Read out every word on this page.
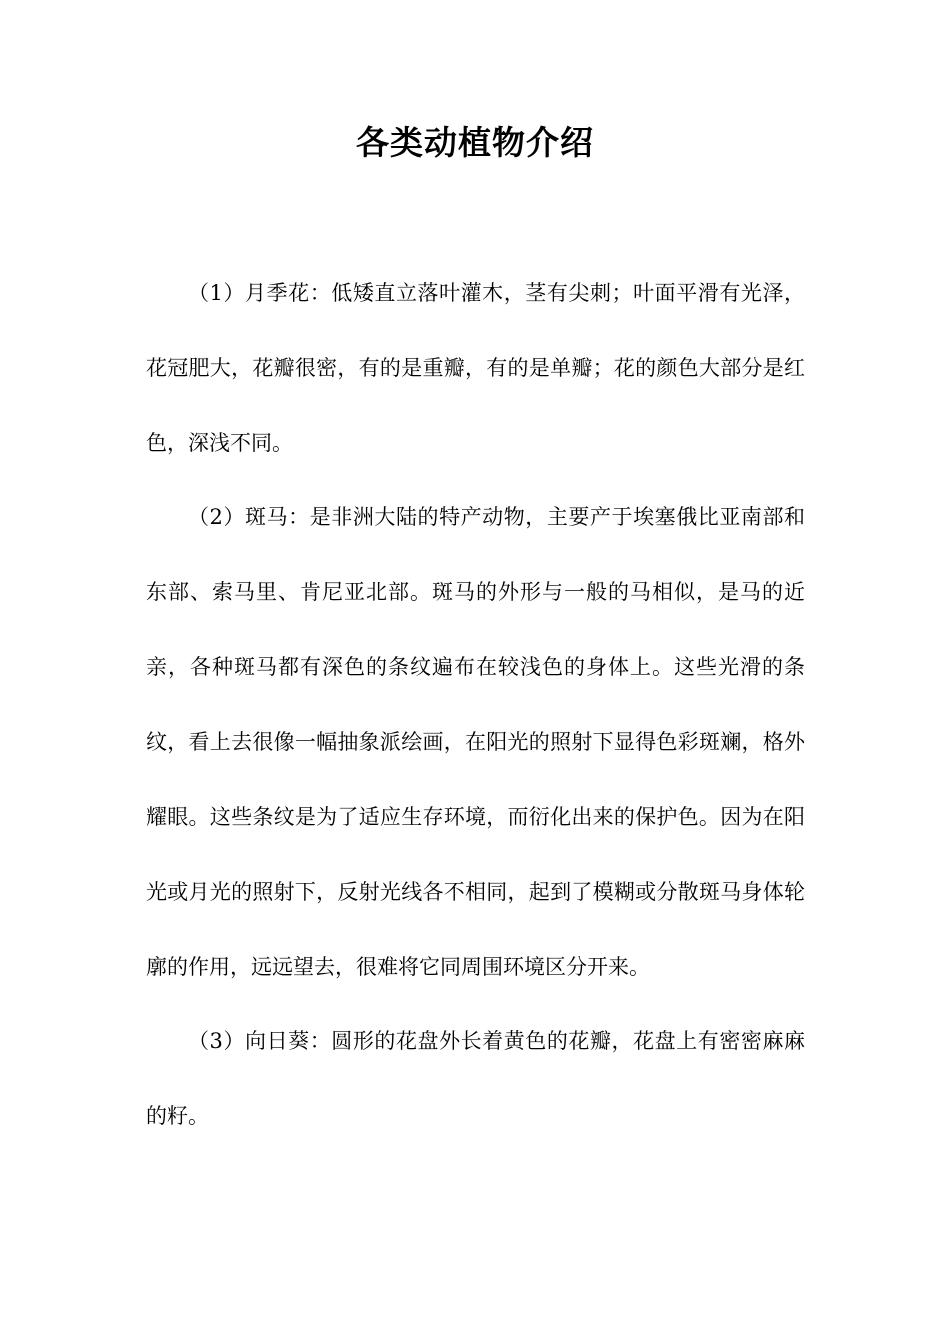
各类动植物介绍

（1）月季花：低矮直立落叶灌木，茎有尖刺；叶面平滑有光泽，花冠肥大，花瓣很密，有的是重瓣，有的是单瓣；花的颜色大部分是红色，深浅不同。

（2）斑马：是非洲大陆的特产动物，主要产于埃塞俄比亚南部和东部、索马里、肯尼亚北部。斑马的外形与一般的马相似，是马的近亲，各种斑马都有深色的条纹遍布在较浅色的身体上。这些光滑的条纹，看上去很像一幅抽象派绘画，在阳光的照射下显得色彩斑斓，格外耀眼。这些条纹是为了适应生存环境，而衍化出来的保护色。因为在阳光或月光的照射下，反射光线各不相同，起到了模糊或分散斑马身体轮廓的作用，远远望去，很难将它同周围环境区分开来。

（3）向日葵：圆形的花盘外长着黄色的花瓣，花盘上有密密麻麻的籽。
